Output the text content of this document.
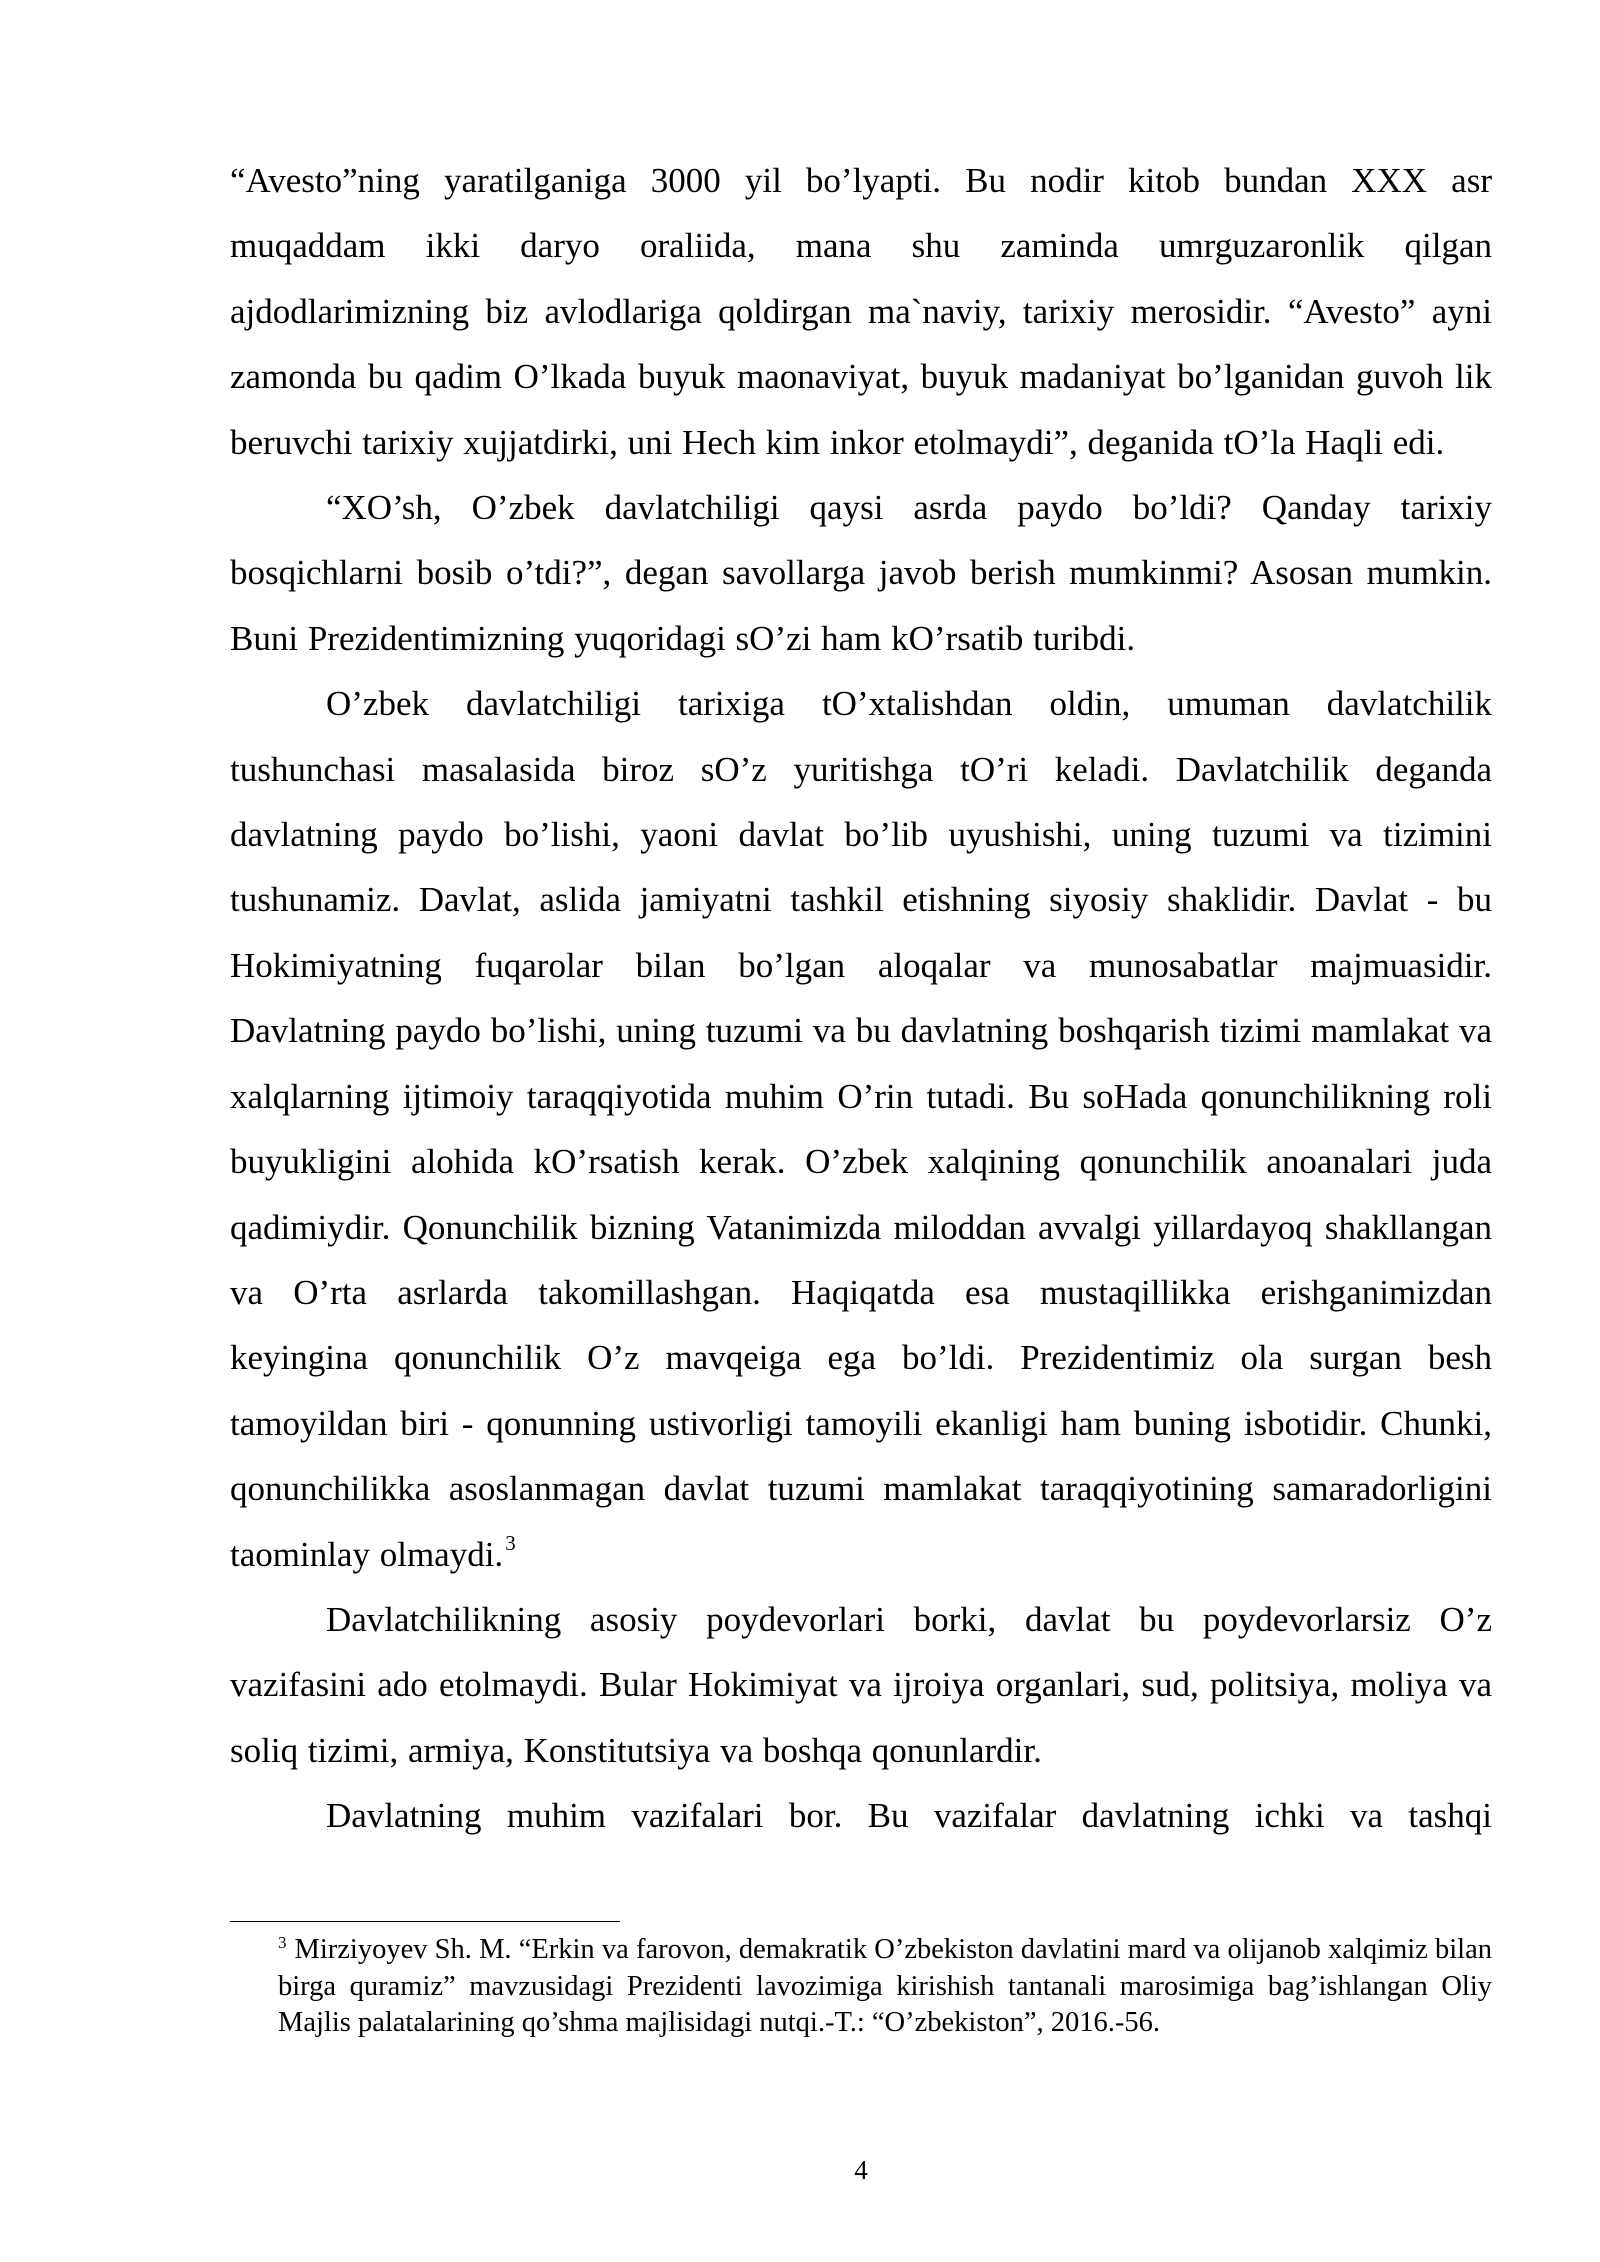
“Avesto”ning yaratilganiga 3000 yil bo’lyapti. Bu nodir kitob bundan XXX asr muqaddam ikki daryo oraliida, mana shu zaminda umrguzaronlik qilgan ajdodlarimizning biz avlodlariga qoldirgan ma`naviy, tarixiy merosidir. “Avesto” ayni zamonda bu qadim O’lkada buyuk maonaviyat, buyuk madaniyat bo’lganidan guvoh lik beruvchi tarixiy xujjatdirki, uni Hech kim inkor etolmaydi”, deganida tO’la Haqli edi.

“XO’sh, O’zbek davlatchiligi qaysi asrda paydo bo’ldi? Qanday tarixiy bosqichlarni bosib o’tdi?”, degan savollarga javob berish mumkinmi? Asosan mumkin. Buni Prezidentimizning yuqoridagi sO’zi ham kO’rsatib turibdi.

O’zbek davlatchiligi tarixiga tO’xtalishdan oldin, umuman davlatchilik tushunchasi masalasida biroz sO’z yuritishga tO’ri keladi. Davlatchilik deganda davlatning paydo bo’lishi, yaoni davlat bo’lib uyushishi, uning tuzumi va tizimini tushunamiz. Davlat, aslida jamiyatni tashkil etishning siyosiy shaklidir. Davlat - bu Hokimiyatning fuqarolar bilan bo’lgan aloqalar va munosabatlar majmuasidir. Davlatning paydo bo’lishi, uning tuzumi va bu davlatning boshqarish tizimi mamlakat va xalqlarning ijtimoiy taraqqiyotida muhim O’rin tutadi. Bu soHada qonunchilikning roli buyukligini alohida kO’rsatish kerak. O’zbek xalqining qonunchilik anoanalari juda qadimiydir. Qonunchilik bizning Vatanimizda miloddan avvalgi yillardayoq shakllangan va O’rta asrlarda takomillashgan. Haqiqatda esa mustaqillikka erishganimizdan keyingina qonunchilik O’z mavqeiga ega bo’ldi. Prezidentimiz ola surgan besh tamoyildan biri - qonunning ustivorligi tamoyili ekanligi ham buning isbotidir. Chunki, qonunchilikka asoslanmagan davlat tuzumi mamlakat taraqqiyotining samaradorligini taominlay olmaydi.$^3$

Davlatchilikning asosiy poydevorlari borki, davlat bu poydevorlarsiz O’z vazifasini ado etolmaydi. Bular Hokimiyat va ijroiya organlari, sud, politsiya, moliya va soliq tizimi, armiya, Konstitutsiya va boshqa qonunlardir.

Davlatning muhim vazifalari bor. Bu vazifalar davlatning ichki va tashqi

$^3$ Mirziyoyev Sh. M. “Erkin va farovon, demakratik O’zbekiston davlatini mard va olijanob xalqimiz bilan birga quramiz” mavzusidagi Prezidenti lavozimiga kirishish tantanali marosimiga bag’ishlangan Oliy Majlis palatalarining qo’shma majlisidagi nutqi.-T.: “O’zbekiston”, 2016.-56.

4
